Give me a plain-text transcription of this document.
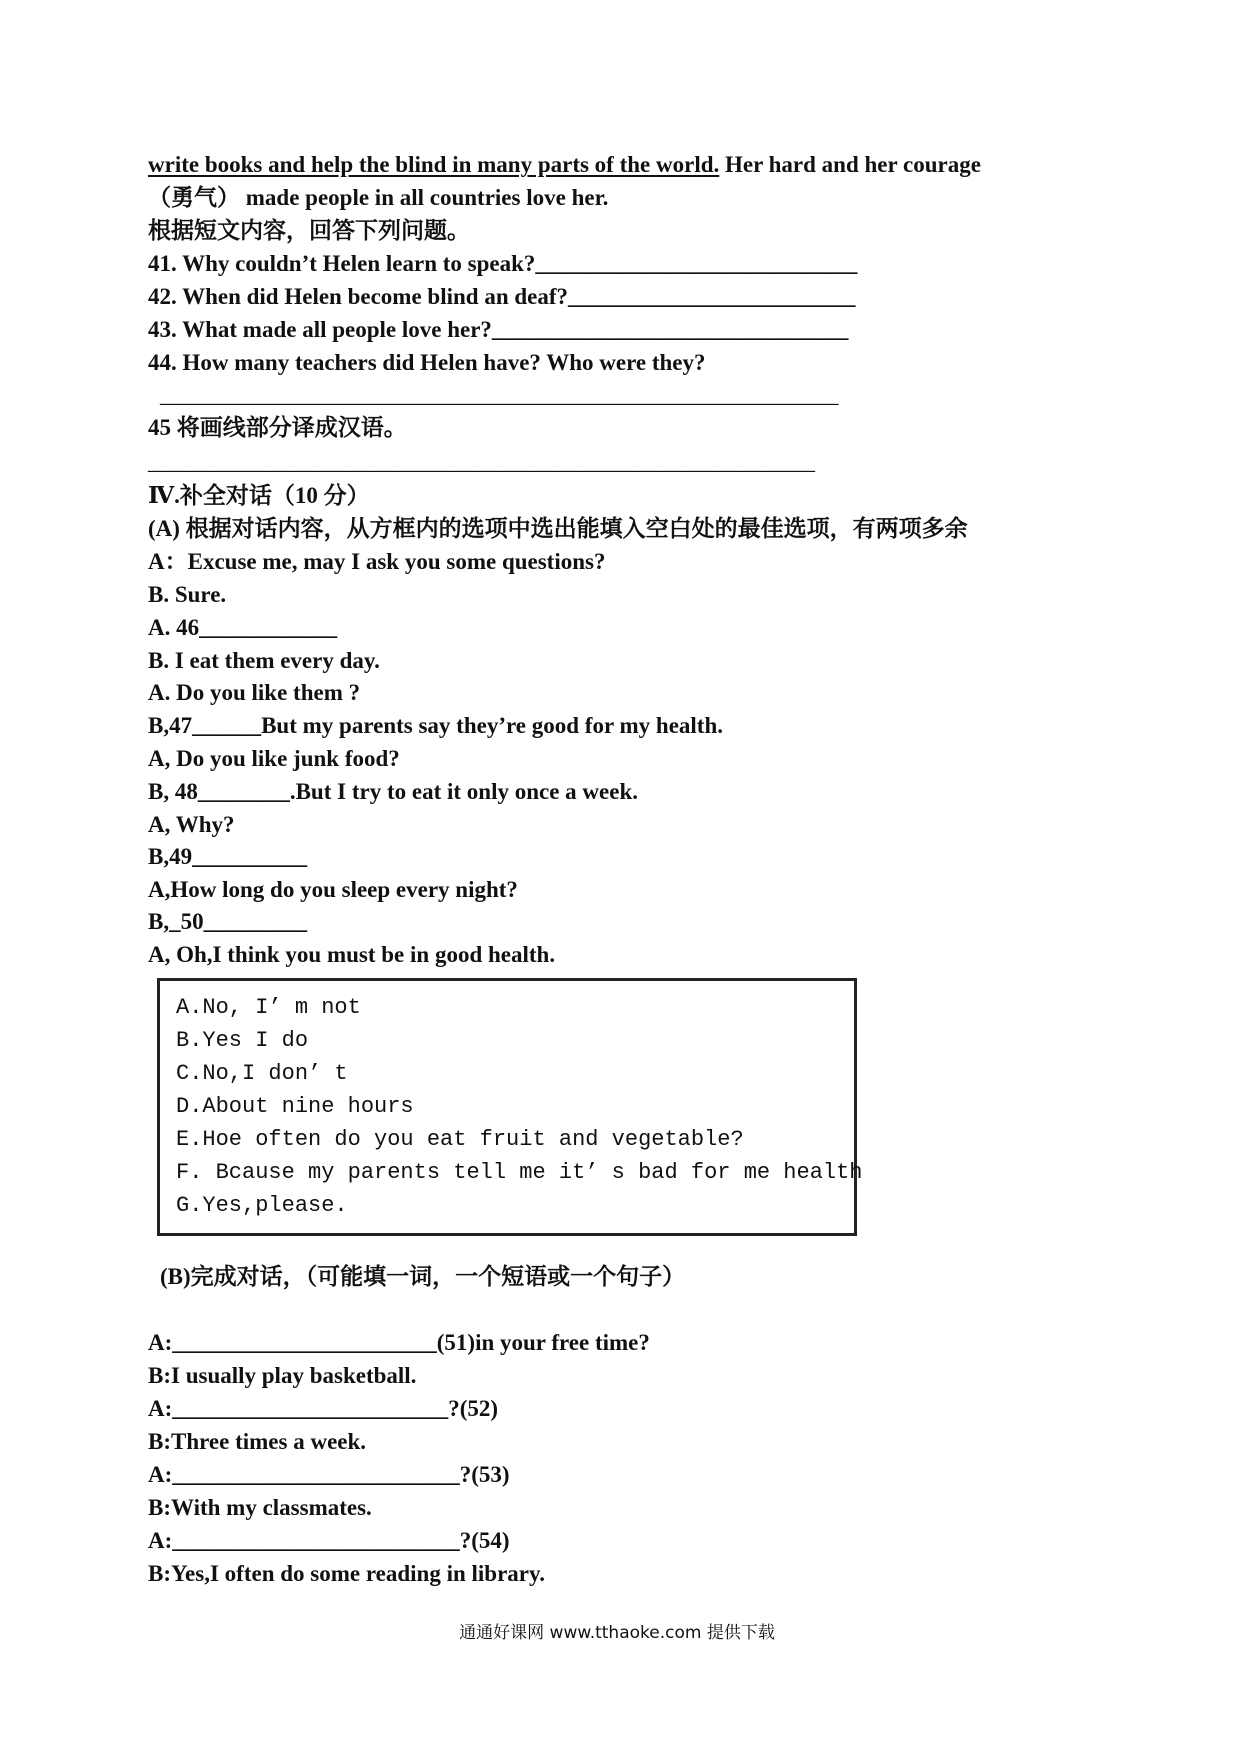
write books and help the blind in many parts of the world. Her hard and her courage
（勇气） made people in all countries love her.
根据短文内容，回答下列问题。
41. Why couldn’t Helen learn to speak?____________________________
42. When did Helen become blind an deaf?_________________________
43. What made all people love her?_______________________________
44. How many teachers did Helen have? Who were they?
___________________________________________________________
45 将画线部分译成汉语。
__________________________________________________________
Ⅳ.补全对话（10 分）
(A) 根据对话内容，从方框内的选项中选出能填入空白处的最佳选项，有两项多余
A：Excuse me, may I ask you some questions?
B. Sure.
A. 46____________
B. I eat them every day.
A. Do you like them ?
B,47______But my parents say they’re good for my health.
A, Do you like junk food?
B, 48________.But I try to eat it only once a week.
A, Why?
B,49__________
A,How long do you sleep every night?
B,_50_________
A, Oh,I think you must be in good health.
A.No, I’ m not
B.Yes I do
C.No,I don’ t
D.About nine hours
E.Hoe often do you eat fruit and vegetable?
F. Bcause my parents tell me it’ s bad for me health
G.Yes,please.
(B)完成对话，（可能填一词，一个短语或一个句子）
A:_______________________(51)in your free time?
B:I usually play basketball.
A:________________________?(52)
B:Three times a week.
A:_________________________?(53)
B:With my classmates.
A:_________________________?(54)
B:Yes,I often do some reading in library.
通通好课网 www.tthaoke.com 提供下载
